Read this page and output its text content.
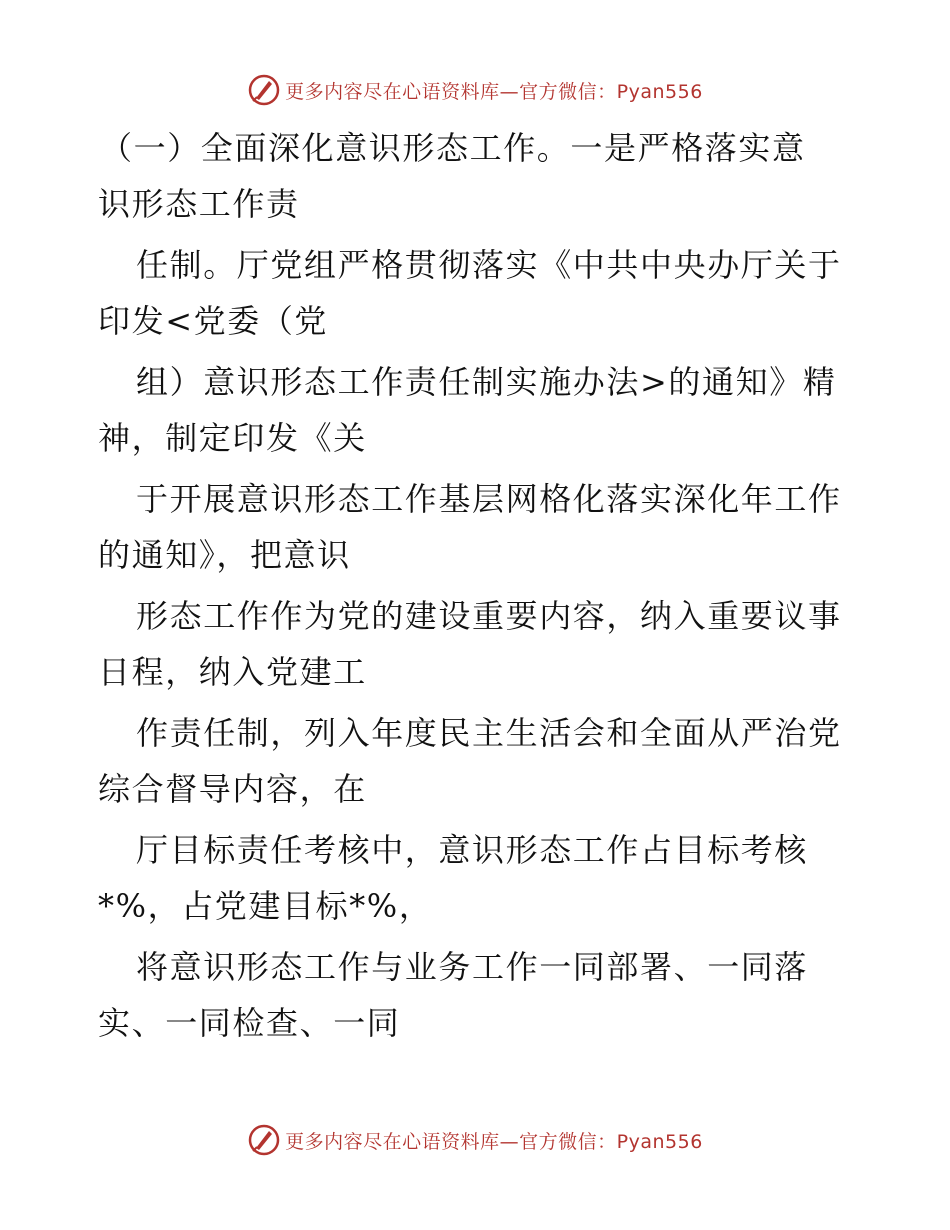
更多内容尽在心语资料库—官方微信：Pyan556
（一）全面深化意识形态工作。一是严格落实意
识形态工作责
任制。厅党组严格贯彻落实《中共中央办厅关于
印发<党委（党
组）意识形态工作责任制实施办法>的通知》精
神，制定印发《关
于开展意识形态工作基层网格化落实深化年工作
的通知》，把意识
形态工作作为党的建设重要内容，纳入重要议事
日程，纳入党建工
作责任制，列入年度民主生活会和全面从严治党
综合督导内容，在
厅目标责任考核中，意识形态工作占目标考核
*%，占党建目标*%，
将意识形态工作与业务工作一同部署、一同落
实、一同检查、一同
更多内容尽在心语资料库—官方微信：Pyan556
